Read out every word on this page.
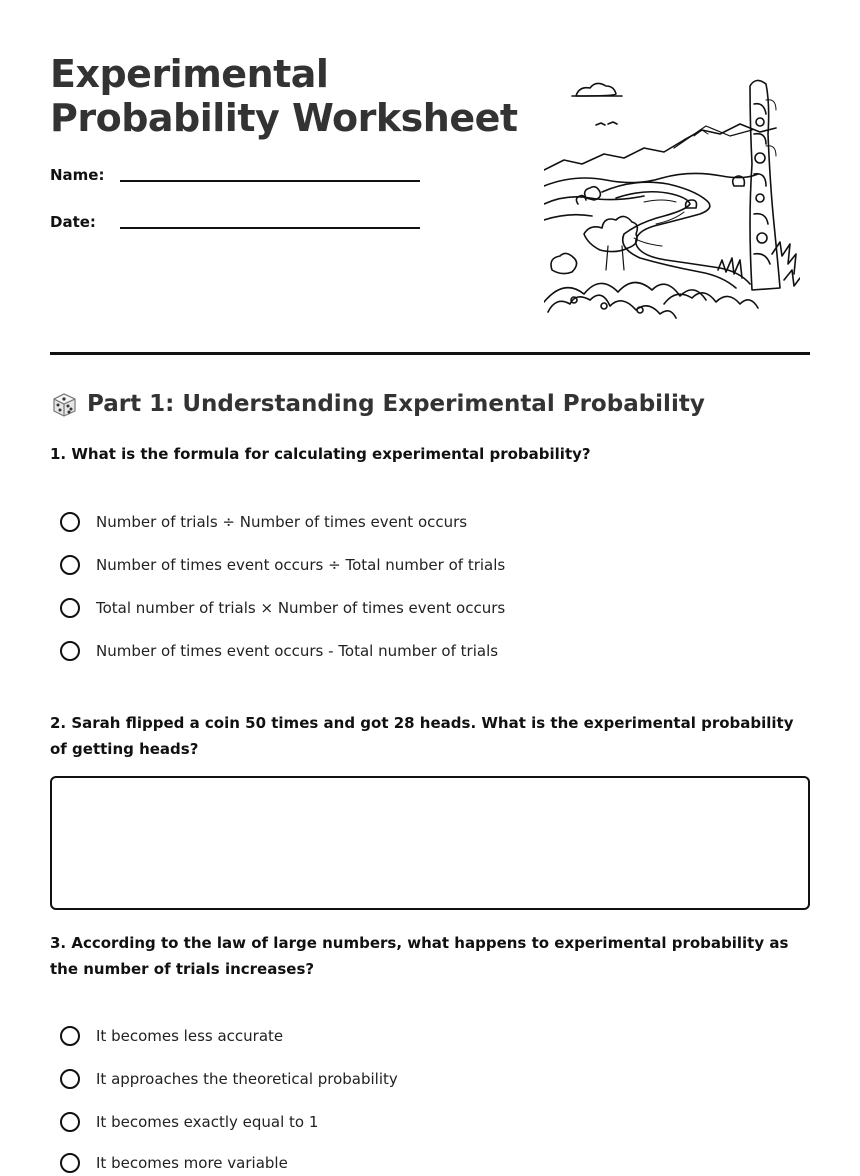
Experimental
Probability Worksheet
Name:
Date:
Part 1: Understanding Experimental Probability

1. What is the formula for calculating experimental probability?

Number of trials ÷ Number of times event occurs
Number of times event occurs ÷ Total number of trials
Total number of trials × Number of times event occurs
Number of times event occurs - Total number of trials

2. Sarah flipped a coin 50 times and got 28 heads. What is the experimental probability of getting heads?

3. According to the law of large numbers, what happens to experimental probability as the number of trials increases?

It becomes less accurate
It approaches the theoretical probability
It becomes exactly equal to 1
It becomes more variable
